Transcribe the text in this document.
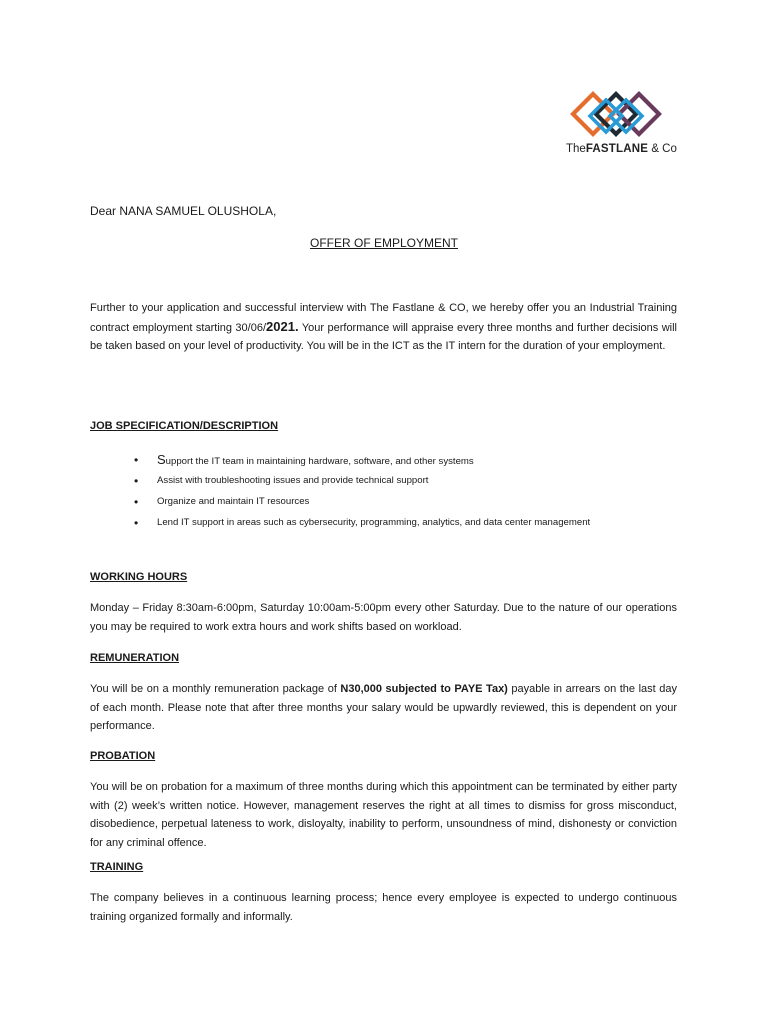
TheFASTLANE & Co
Dear NANA SAMUEL OLUSHOLA,
OFFER OF EMPLOYMENT

Further to your application and successful interview with The Fastlane & CO, we hereby offer you an Industrial Training contract employment starting 30/06/2021. Your performance will appraise every three months and further decisions will be taken based on your level of productivity. You will be in the ICT as the IT intern for the duration of your employment.

JOB SPECIFICATION/DESCRIPTION
• Support the IT team in maintaining hardware, software, and other systems
• Assist with troubleshooting issues and provide technical support
• Organize and maintain IT resources
• Lend IT support in areas such as cybersecurity, programming, analytics, and data center management
WORKING HOURS

Monday – Friday 8:30am-6:00pm, Saturday 10:00am-5:00pm every other Saturday. Due to the nature of our operations you may be required to work extra hours and work shifts based on workload.

REMUNERATION

You will be on a monthly remuneration package of N30,000 subjected to PAYE Tax) payable in arrears on the last day of each month. Please note that after three months your salary would be upwardly reviewed, this is dependent on your performance.

PROBATION

You will be on probation for a maximum of three months during which this appointment can be terminated by either party with (2) week’s written notice. However, management reserves the right at all times to dismiss for gross misconduct, disobedience, perpetual lateness to work, disloyalty, inability to perform, unsoundness of mind, dishonesty or conviction for any criminal offence.

TRAINING

The company believes in a continuous learning process; hence every employee is expected to undergo continuous training organized formally and informally.
